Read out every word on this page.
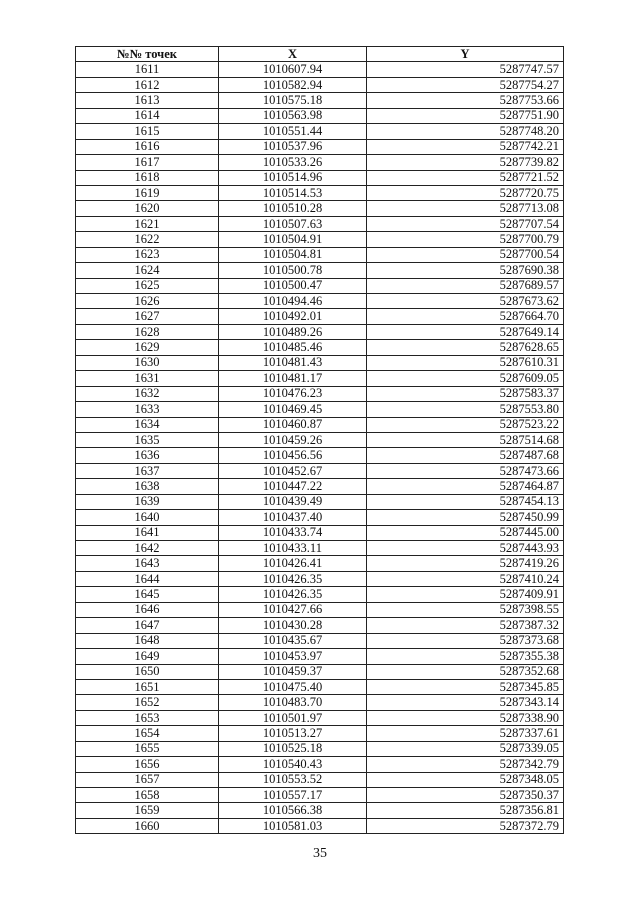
№№ точек	X	Y
1611	1010607.94	5287747.57
1612	1010582.94	5287754.27
1613	1010575.18	5287753.66
1614	1010563.98	5287751.90
1615	1010551.44	5287748.20
1616	1010537.96	5287742.21
1617	1010533.26	5287739.82
1618	1010514.96	5287721.52
1619	1010514.53	5287720.75
1620	1010510.28	5287713.08
1621	1010507.63	5287707.54
1622	1010504.91	5287700.79
1623	1010504.81	5287700.54
1624	1010500.78	5287690.38
1625	1010500.47	5287689.57
1626	1010494.46	5287673.62
1627	1010492.01	5287664.70
1628	1010489.26	5287649.14
1629	1010485.46	5287628.65
1630	1010481.43	5287610.31
1631	1010481.17	5287609.05
1632	1010476.23	5287583.37
1633	1010469.45	5287553.80
1634	1010460.87	5287523.22
1635	1010459.26	5287514.68
1636	1010456.56	5287487.68
1637	1010452.67	5287473.66
1638	1010447.22	5287464.87
1639	1010439.49	5287454.13
1640	1010437.40	5287450.99
1641	1010433.74	5287445.00
1642	1010433.11	5287443.93
1643	1010426.41	5287419.26
1644	1010426.35	5287410.24
1645	1010426.35	5287409.91
1646	1010427.66	5287398.55
1647	1010430.28	5287387.32
1648	1010435.67	5287373.68
1649	1010453.97	5287355.38
1650	1010459.37	5287352.68
1651	1010475.40	5287345.85
1652	1010483.70	5287343.14
1653	1010501.97	5287338.90
1654	1010513.27	5287337.61
1655	1010525.18	5287339.05
1656	1010540.43	5287342.79
1657	1010553.52	5287348.05
1658	1010557.17	5287350.37
1659	1010566.38	5287356.81
1660	1010581.03	5287372.79
35
